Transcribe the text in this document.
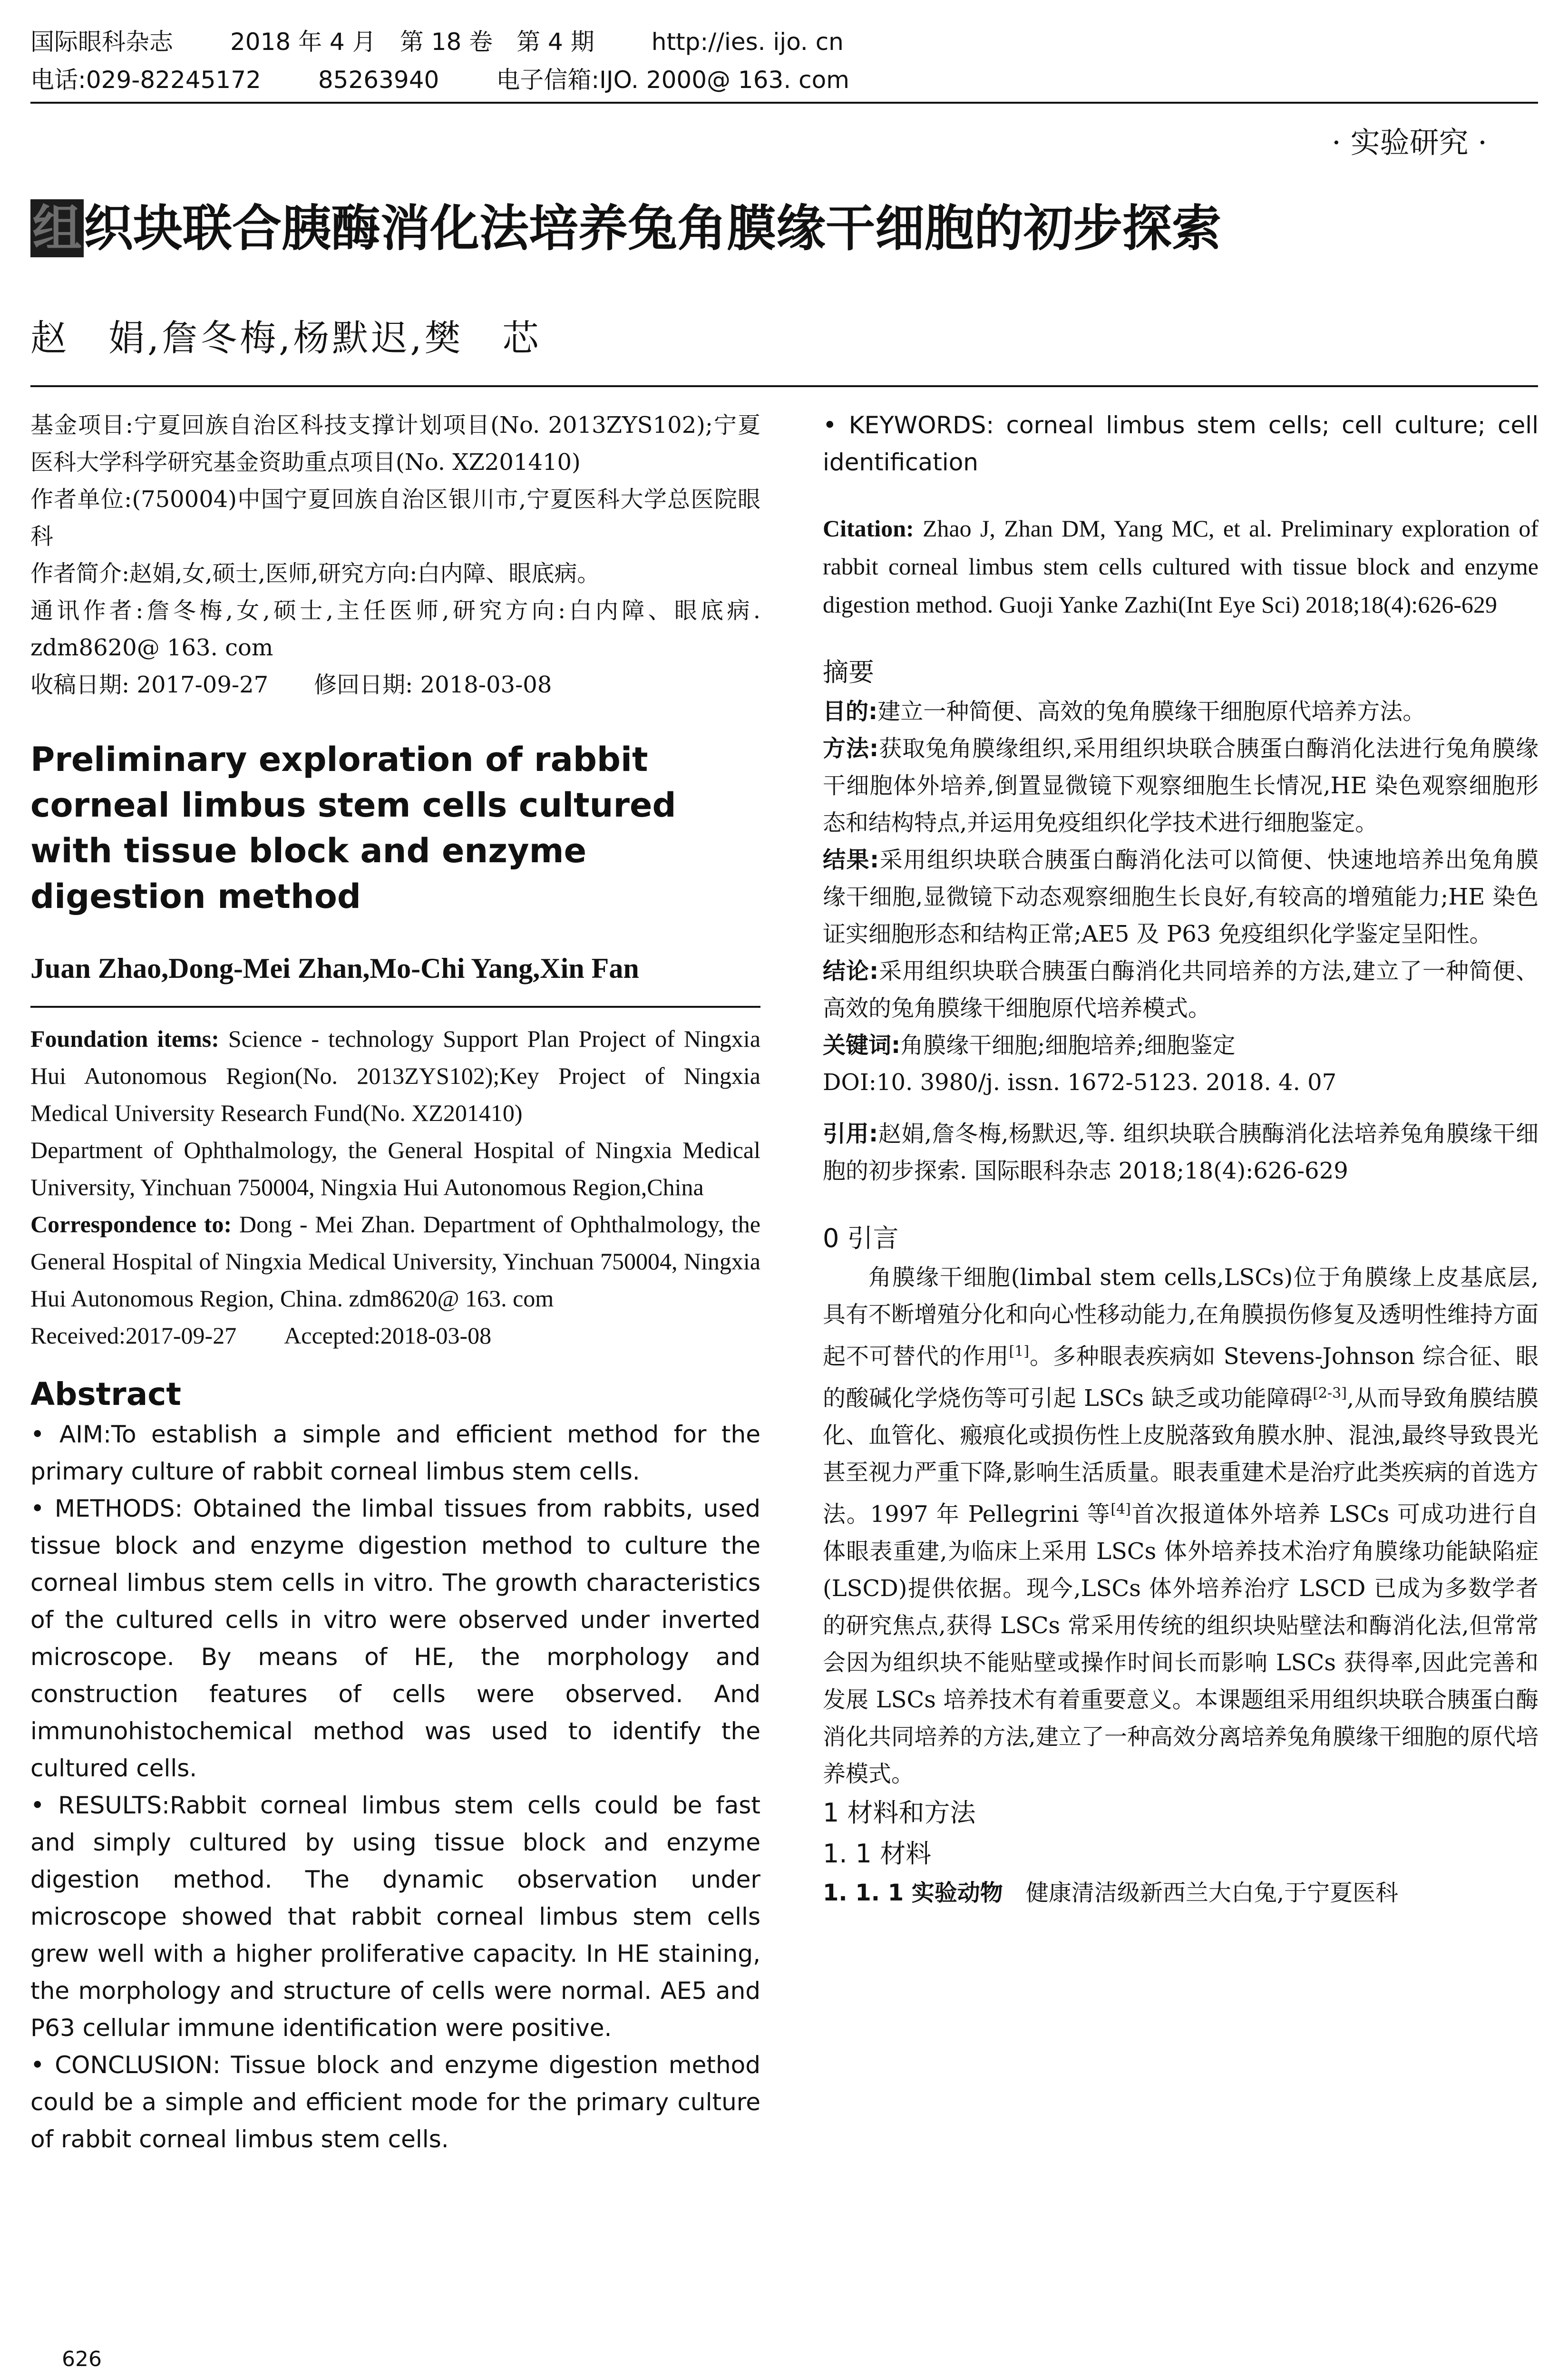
国际眼科杂志 2018 年 4 月　第 18 卷　第 4 期 http://ies. ijo. cn
电话:029-82245172 85263940 电子信箱:IJO. 2000@ 163. com
· 实验研究 ·
组织块联合胰酶消化法培养兔角膜缘干细胞的初步探索
赵　娟,詹冬梅,杨默迟,樊　芯

基金项目:宁夏回族自治区科技支撑计划项目(No. 2013ZYS102);宁夏医科大学科学研究基金资助重点项目(No. XZ201410)

作者单位:(750004)中国宁夏回族自治区银川市,宁夏医科大学总医院眼科

作者简介:赵娟,女,硕士,医师,研究方向:白内障、眼底病。

通讯作者:詹冬梅,女,硕士,主任医师,研究方向:白内障、眼底病. zdm8620@ 163. com

收稿日期: 2017-09-27　　修回日期: 2018-03-08

Preliminary exploration of rabbit corneal limbus stem cells cultured with tissue block and enzyme digestion method
Juan Zhao,Dong-Mei Zhan,Mo-Chi Yang,Xin Fan
Foundation items: Science - technology Support Plan Project of Ningxia Hui Autonomous Region(No. 2013ZYS102);Key Project of Ningxia Medical University Research Fund(No. XZ201410)
Department of Ophthalmology, the General Hospital of Ningxia Medical University, Yinchuan 750004, Ningxia Hui Autonomous Region,China
Correspondence to: Dong - Mei Zhan. Department of Ophthalmology, the General Hospital of Ningxia Medical University, Yinchuan 750004, Ningxia Hui Autonomous Region, China. zdm8620@ 163. com
Received:2017-09-27　　Accepted:2018-03-08
Abstract

• AIM:To establish a simple and efficient method for the primary culture of rabbit corneal limbus stem cells.

• METHODS: Obtained the limbal tissues from rabbits, used tissue block and enzyme digestion method to culture the corneal limbus stem cells in vitro. The growth characteristics of the cultured cells in vitro were observed under inverted microscope. By means of HE, the morphology and construction features of cells were observed. And immunohistochemical method was used to identify the cultured cells.

• RESULTS:Rabbit corneal limbus stem cells could be fast and simply cultured by using tissue block and enzyme digestion method. The dynamic observation under microscope showed that rabbit corneal limbus stem cells grew well with a higher proliferative capacity. In HE staining, the morphology and structure of cells were normal. AE5 and P63 cellular immune identification were positive.

• CONCLUSION: Tissue block and enzyme digestion method could be a simple and efficient mode for the primary culture of rabbit corneal limbus stem cells.

• KEYWORDS: corneal limbus stem cells; cell culture; cell identification

Citation: Zhao J, Zhan DM, Yang MC, et al. Preliminary exploration of rabbit corneal limbus stem cells cultured with tissue block and enzyme digestion method. Guoji Yanke Zazhi(Int Eye Sci) 2018;18(4):626-629

摘要

目的:建立一种简便、高效的兔角膜缘干细胞原代培养方法。

方法:获取兔角膜缘组织,采用组织块联合胰蛋白酶消化法进行兔角膜缘干细胞体外培养,倒置显微镜下观察细胞生长情况,HE 染色观察细胞形态和结构特点,并运用免疫组织化学技术进行细胞鉴定。

结果:采用组织块联合胰蛋白酶消化法可以简便、快速地培养出兔角膜缘干细胞,显微镜下动态观察细胞生长良好,有较高的增殖能力;HE 染色证实细胞形态和结构正常;AE5 及 P63 免疫组织化学鉴定呈阳性。

结论:采用组织块联合胰蛋白酶消化共同培养的方法,建立了一种简便、高效的兔角膜缘干细胞原代培养模式。

关键词:角膜缘干细胞;细胞培养;细胞鉴定

DOI:10. 3980/j. issn. 1672-5123. 2018. 4. 07

引用:赵娟,詹冬梅,杨默迟,等. 组织块联合胰酶消化法培养兔角膜缘干细胞的初步探索. 国际眼科杂志 2018;18(4):626-629

0 引言

角膜缘干细胞(limbal stem cells,LSCs)位于角膜缘上皮基底层,具有不断增殖分化和向心性移动能力,在角膜损伤修复及透明性维持方面起不可替代的作用[1]。多种眼表疾病如 Stevens-Johnson 综合征、眼的酸碱化学烧伤等可引起 LSCs 缺乏或功能障碍[2-3],从而导致角膜结膜化、血管化、瘢痕化或损伤性上皮脱落致角膜水肿、混浊,最终导致畏光甚至视力严重下降,影响生活质量。眼表重建术是治疗此类疾病的首选方法。1997 年 Pellegrini 等[4]首次报道体外培养 LSCs 可成功进行自体眼表重建,为临床上采用 LSCs 体外培养技术治疗角膜缘功能缺陷症(LSCD)提供依据。现今,LSCs 体外培养治疗 LSCD 已成为多数学者的研究焦点,获得 LSCs 常采用传统的组织块贴壁法和酶消化法,但常常会因为组织块不能贴壁或操作时间长而影响 LSCs 获得率,因此完善和发展 LSCs 培养技术有着重要意义。本课题组采用组织块联合胰蛋白酶消化共同培养的方法,建立了一种高效分离培养兔角膜缘干细胞的原代培养模式。

1 材料和方法

1. 1 材料

1. 1. 1 实验动物　健康清洁级新西兰大白兔,于宁夏医科

626
